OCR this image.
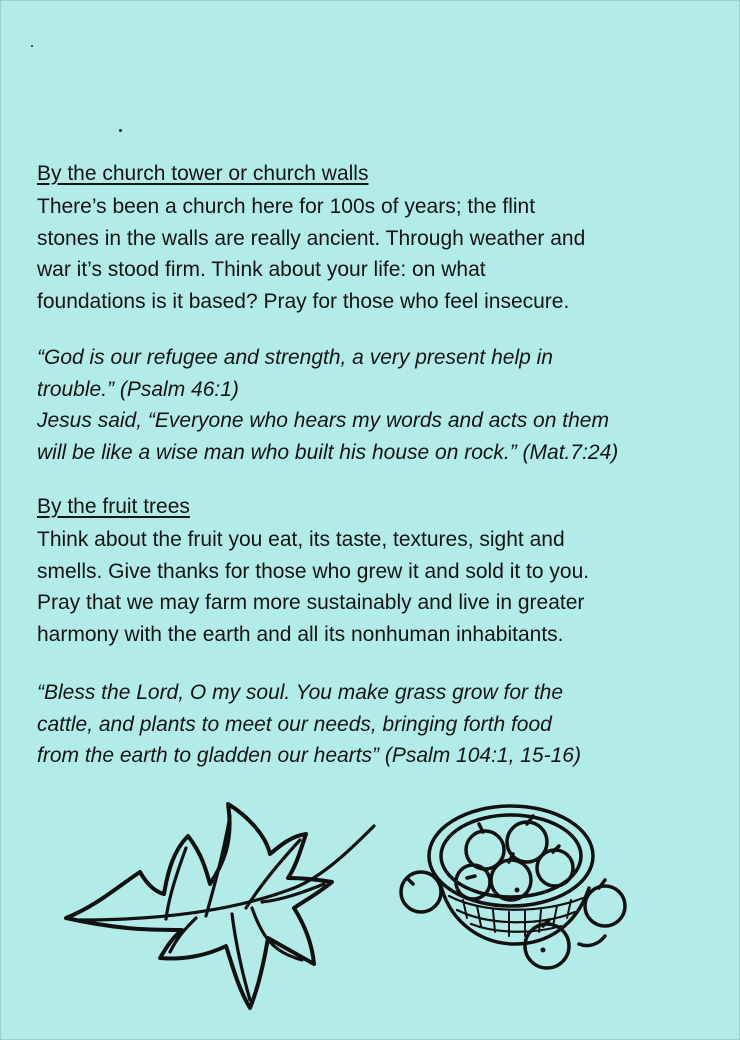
By the church tower or church walls

There’s been a church here for 100s of years; the flint

stones in the walls are really ancient. Through weather and

war it’s stood firm. Think about your life: on what

foundations is it based? Pray for those who feel insecure.

“God is our refugee and strength, a very present help in

trouble.” (Psalm 46:1)

Jesus said, “Everyone who hears my words and acts on them

will be like a wise man who built his house on rock.” (Mat.7:24)

By the fruit trees

Think about the fruit you eat, its taste, textures, sight and

smells. Give thanks for those who grew it and sold it to you.

Pray that we may farm more sustainably and live in greater

harmony with the earth and all its nonhuman inhabitants.

“Bless the Lord, O my soul. You make grass grow for the

cattle, and plants to meet our needs, bringing forth food

from the earth to gladden our hearts” (Psalm 104:1, 15-16)
